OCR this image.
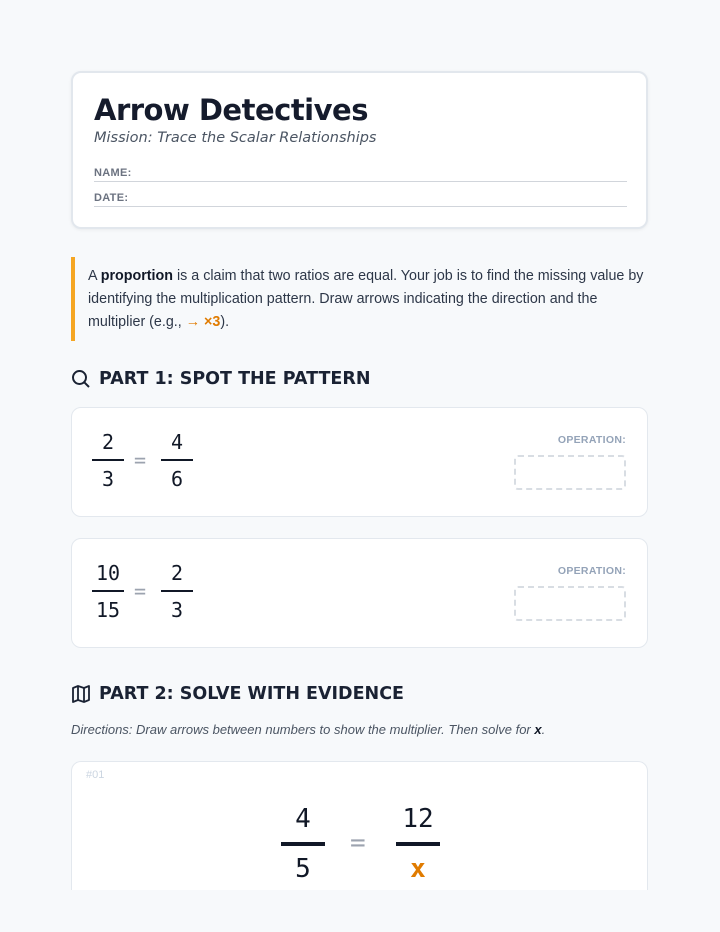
Arrow Detectives
Mission: Trace the Scalar Relationships
NAME:
DATE:
A proportion is a claim that two ratios are equal. Your job is to find the missing value by identifying the multiplication pattern. Draw arrows indicating the direction and the multiplier (e.g., → ×3).
PART 1: SPOT THE PATTERN
2
3
=
4
6
OPERATION:
10
15
=
2
3
OPERATION:
PART 2: SOLVE WITH EVIDENCE
Directions: Draw arrows between numbers to show the multiplier. Then solve for x.
#01
4
5
=
12
x
